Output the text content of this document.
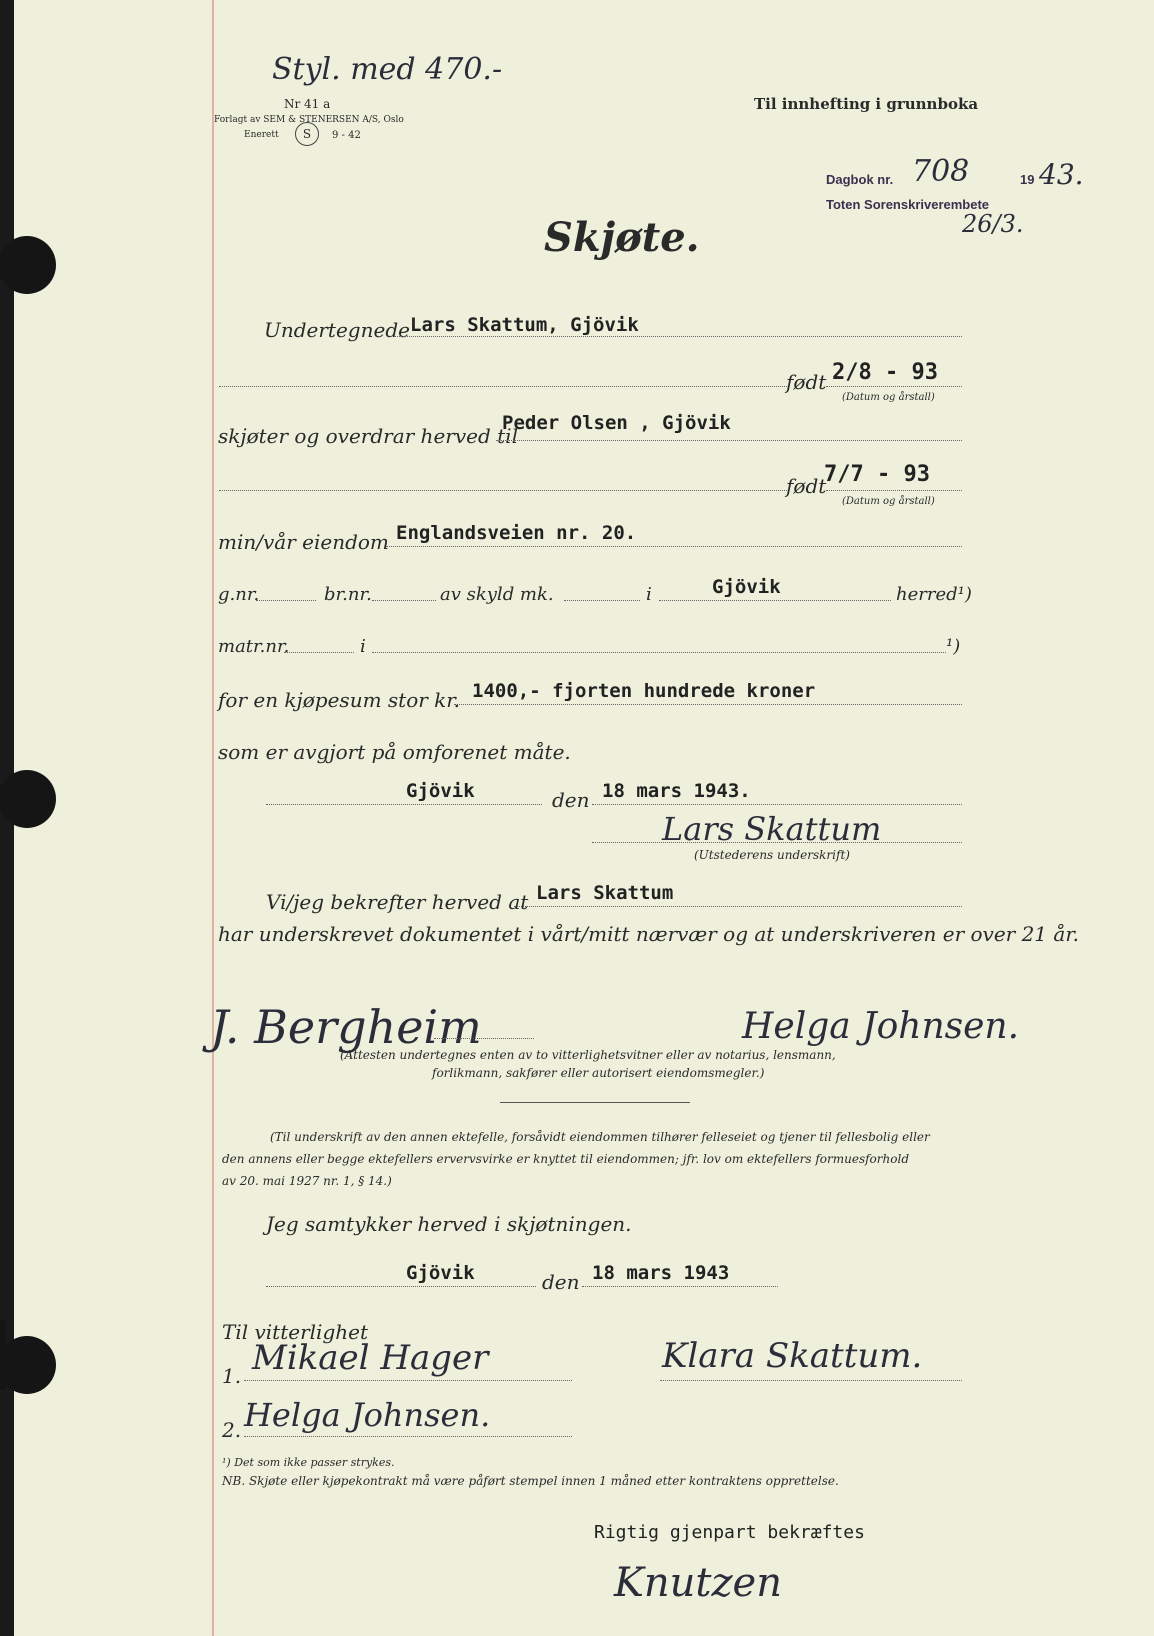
Styl. med 470.-
Nr 41 a
Forlagt av SEM & STENERSEN A/S, Oslo
Enerett	S	9 - 42
Til innhefting i grunnboka
Dagbok nr. 708	19 43.
Toten Sorenskriverembete
26/3.
Skjøte.
Undertegnede Lars Skattum, Gjövik
født 2/8 - 93
(Datum og årstall)
skjøter og overdrar herved til
Peder Olsen , Gjövik
født
7/7 - 93
(Datum og årstall)
min/vår eiendom Englandsveien nr. 20.
g.nr.	br.nr.	av skyld mk.	i	Gjövik	herred¹)
matr.nr.	i	¹)
for en kjøpesum stor kr. 1400,- fjorten hundrede kroner
som er avgjort på omforenet måte.
Gjövik	den 18 mars 1943.
Lars Skattum
(Utstederens underskrift)
Vi/jeg bekrefter herved at Lars Skattum
har underskrevet dokumentet i vårt/mitt nærvær og at underskriveren er over 21 år.
J. Bergheim	Helga Johnsen.
(Attesten undertegnes enten av to vitterlighetsvitner eller av notarius, lensmann,
forlikmann, sakfører eller autorisert eiendomsmegler.)
(Til underskrift av den annen ektefelle, forsåvidt eiendommen tilhører felleseiet og tjener til fellesbolig eller
den annens eller begge ektefellers ervervsvirke er knyttet til eiendommen; jfr. lov om ektefellers formuesforhold
av 20. mai 1927 nr. 1, § 14.)
Jeg samtykker herved i skjøtningen.
Gjövik	den 18 mars 1943
Til vitterlighet
1. Mikael Hager	Klara Skattum.
2. Helga Johnsen.
¹) Det som ikke passer strykes.
NB. Skjøte eller kjøpekontrakt må være påført stempel innen 1 måned etter kontraktens opprettelse.
Rigtig gjenpart bekræftes
Knutzen
